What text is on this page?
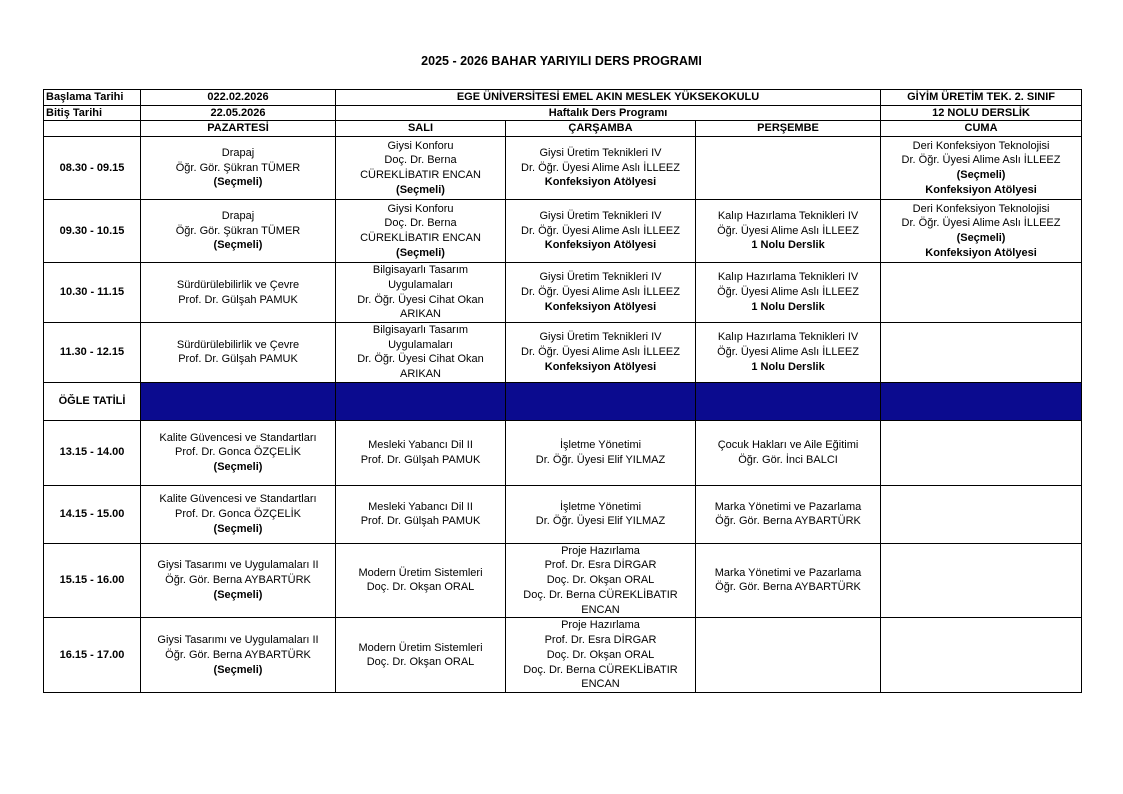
2025 - 2026 BAHAR YARIYILI DERS PROGRAMI
Başlama Tarihi	022.02.2026	EGE ÜNİVERSİTESİ EMEL AKIN MESLEK YÜKSEKOKULU			GİYİM ÜRETİM TEK. 2. SINIF
Bitiş Tarihi	22.05.2026	Haftalık Ders Programı			12 NOLU DERSLİK
	PAZARTESİ	SALI	ÇARŞAMBA	PERŞEMBE	CUMA
08.30 - 09.15	Drapaj
Öğr. Gör. Şükran TÜMER
(Seçmeli)	Giysi Konforu
Doç. Dr. Berna
CÜREKLİBATIR ENCAN
(Seçmeli)	Giysi Üretim Teknikleri IV
Dr. Öğr. Üyesi Alime Aslı İLLEEZ
Konfeksiyon Atölyesi		Deri Konfeksiyon Teknolojisi
Dr. Öğr. Üyesi Alime Aslı İLLEEZ
(Seçmeli)
Konfeksiyon Atölyesi

09.30 - 10.15	Drapaj
Öğr. Gör. Şükran TÜMER
(Seçmeli)	Giysi Konforu
Doç. Dr. Berna
CÜREKLİBATIR ENCAN
(Seçmeli)	Giysi Üretim Teknikleri IV
Dr. Öğr. Üyesi Alime Aslı İLLEEZ
Konfeksiyon Atölyesi	Kalıp Hazırlama Teknikleri IV
Öğr. Üyesi Alime Aslı İLLEEZ
1 Nolu Derslik	Deri Konfeksiyon Teknolojisi
Dr. Öğr. Üyesi Alime Aslı İLLEEZ
(Seçmeli)
Konfeksiyon Atölyesi

10.30 - 11.15	Sürdürülebilirlik ve Çevre
Prof. Dr. Gülşah PAMUK	Bilgisayarlı Tasarım
Uygulamaları
Dr. Öğr. Üyesi Cihat Okan
ARIKAN	Giysi Üretim Teknikleri IV
Dr. Öğr. Üyesi Alime Aslı İLLEEZ
Konfeksiyon Atölyesi	Kalıp Hazırlama Teknikleri IV
Öğr. Üyesi Alime Aslı İLLEEZ
1 Nolu Derslik	

11.30 - 12.15	Sürdürülebilirlik ve Çevre
Prof. Dr. Gülşah PAMUK	Bilgisayarlı Tasarım
Uygulamaları
Dr. Öğr. Üyesi Cihat Okan
ARIKAN	Giysi Üretim Teknikleri IV
Dr. Öğr. Üyesi Alime Aslı İLLEEZ
Konfeksiyon Atölyesi	Kalıp Hazırlama Teknikleri IV
Öğr. Üyesi Alime Aslı İLLEEZ
1 Nolu Derslik	

ÖĞLE TATİLİ					
13.15 - 14.00	Kalite Güvencesi ve Standartları
Prof. Dr. Gonca ÖZÇELİK
(Seçmeli)	Mesleki Yabancı Dil II
Prof. Dr. Gülşah PAMUK	İşletme Yönetimi
Dr. Öğr. Üyesi Elif YILMAZ	Çocuk Hakları ve Aile Eğitimi
Öğr. Gör. İnci BALCI	

14.15 - 15.00	Kalite Güvencesi ve Standartları
Prof. Dr. Gonca ÖZÇELİK
(Seçmeli)	Mesleki Yabancı Dil II
Prof. Dr. Gülşah PAMUK	İşletme Yönetimi
Dr. Öğr. Üyesi Elif YILMAZ	Marka Yönetimi ve Pazarlama
Öğr. Gör. Berna AYBARTÜRK	

15.15 - 16.00	Giysi Tasarımı ve Uygulamaları II
Öğr. Gör. Berna AYBARTÜRK
(Seçmeli)	Modern Üretim Sistemleri
Doç. Dr. Okşan ORAL	Proje Hazırlama
Prof. Dr. Esra DİRGAR
Doç. Dr. Okşan ORAL
Doç. Dr. Berna CÜREKLİBATIR
ENCAN	Marka Yönetimi ve Pazarlama
Öğr. Gör. Berna AYBARTÜRK	

16.15 - 17.00	Giysi Tasarımı ve Uygulamaları II
Öğr. Gör. Berna AYBARTÜRK
(Seçmeli)	Modern Üretim Sistemleri
Doç. Dr. Okşan ORAL	Proje Hazırlama
Prof. Dr. Esra DİRGAR
Doç. Dr. Okşan ORAL
Doç. Dr. Berna CÜREKLİBATIR
ENCAN		
